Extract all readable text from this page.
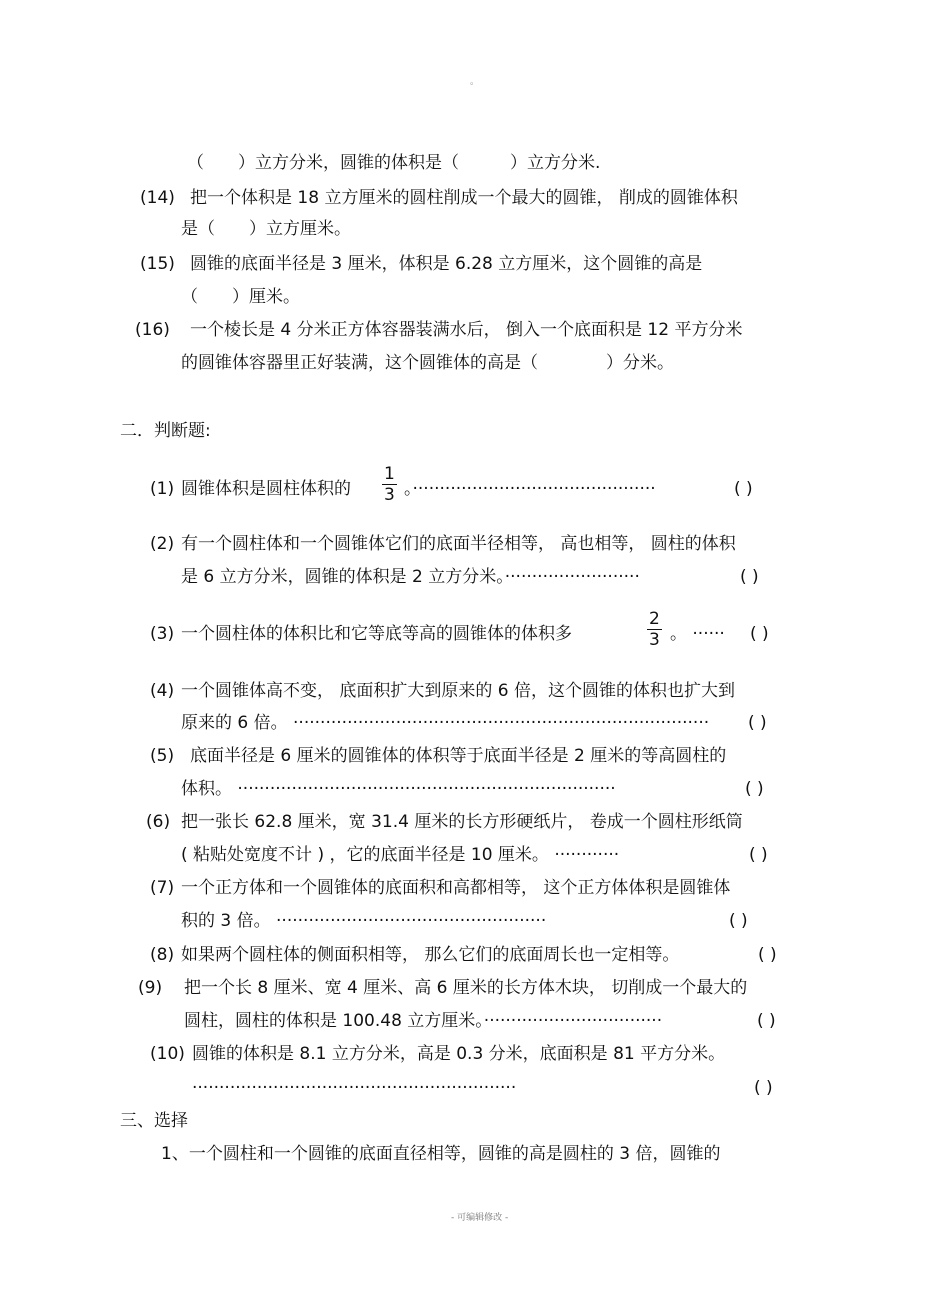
。
- 可编辑修改 -
（　　）立方分米，圆锥的体积是（　　　）立方分米.
(14) 把一个体积是 18 立方厘米的圆柱削成一个最大的圆锥， 削成的圆锥体积
是（　　）立方厘米。
(15) 圆锥的底面半径是 3 厘米，体积是 6.28 立方厘米，这个圆锥的高是
（　　）厘米。
(16) 一个棱长是 4 分米正方体容器装满水后， 倒入一个底面积是 12 平方分米
的圆锥体容器里正好装满，这个圆锥体的高是（　　　　）分米。
二．判断题:
(1) 圆锥体积是圆柱体积的 $\frac{1}{3}$ 。·············································	( )
(2) 有一个圆柱体和一个圆锥体它们的底面半径相等， 高也相等， 圆柱的体积
是 6 立方分米，圆锥的体积是 2 立方分米。·························	( )
(3) 一个圆柱体的体积比和它等底等高的圆锥体的体积多	$\frac{2}{3}$ 。 ······ ( )
(4) 一个圆锥体高不变， 底面积扩大到原来的 6 倍，这个圆锥的体积也扩大到
原来的 6 倍。 ············································································· ( )
(5) 底面半径是 6 厘米的圆锥体的体积等于底面半径是 2 厘米的等高圆柱的
体积。 ······································································	( )
(6) 把一张长 62.8 厘米，宽 31.4 厘米的长方形硬纸片， 卷成一个圆柱形纸筒
( 粘贴处宽度不计 ) ，它的底面半径是 10 厘米。 ············	( )
(7) 一个正方体和一个圆锥体的底面积和高都相等， 这个正方体体积是圆锥体
积的 3 倍。 ··················································	( )
(8) 如果两个圆柱体的侧面积相等， 那么它们的底面周长也一定相等。	( )
(9) 把一个长 8 厘米、宽 4 厘米、高 6 厘米的长方体木块， 切削成一个最大的
圆柱，圆柱的体积是 100.48 立方厘米。·································	( )
(10) 圆锥的体积是 8.1 立方分米，高是 0.3 分米，底面积是 81 平方分米。
····························································	( )
三、选择
1、一个圆柱和一个圆锥的底面直径相等，圆锥的高是圆柱的 3 倍，圆锥的
